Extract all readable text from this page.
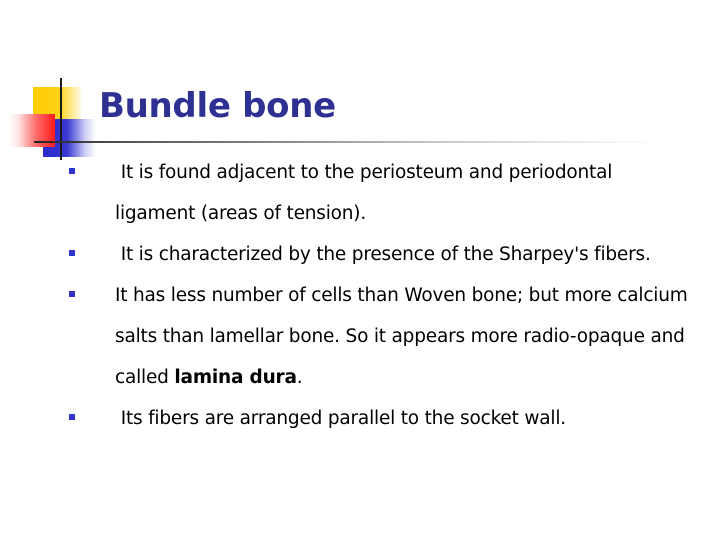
Bundle bone
It is found adjacent to the periosteum and periodontal ligament (areas of tension).
It is characterized by the presence of the Sharpey's fibers.
It has less number of cells than Woven bone; but more calcium salts than lamellar bone. So it appears more radio-opaque and called lamina dura.
Its fibers are arranged parallel to the socket wall.
